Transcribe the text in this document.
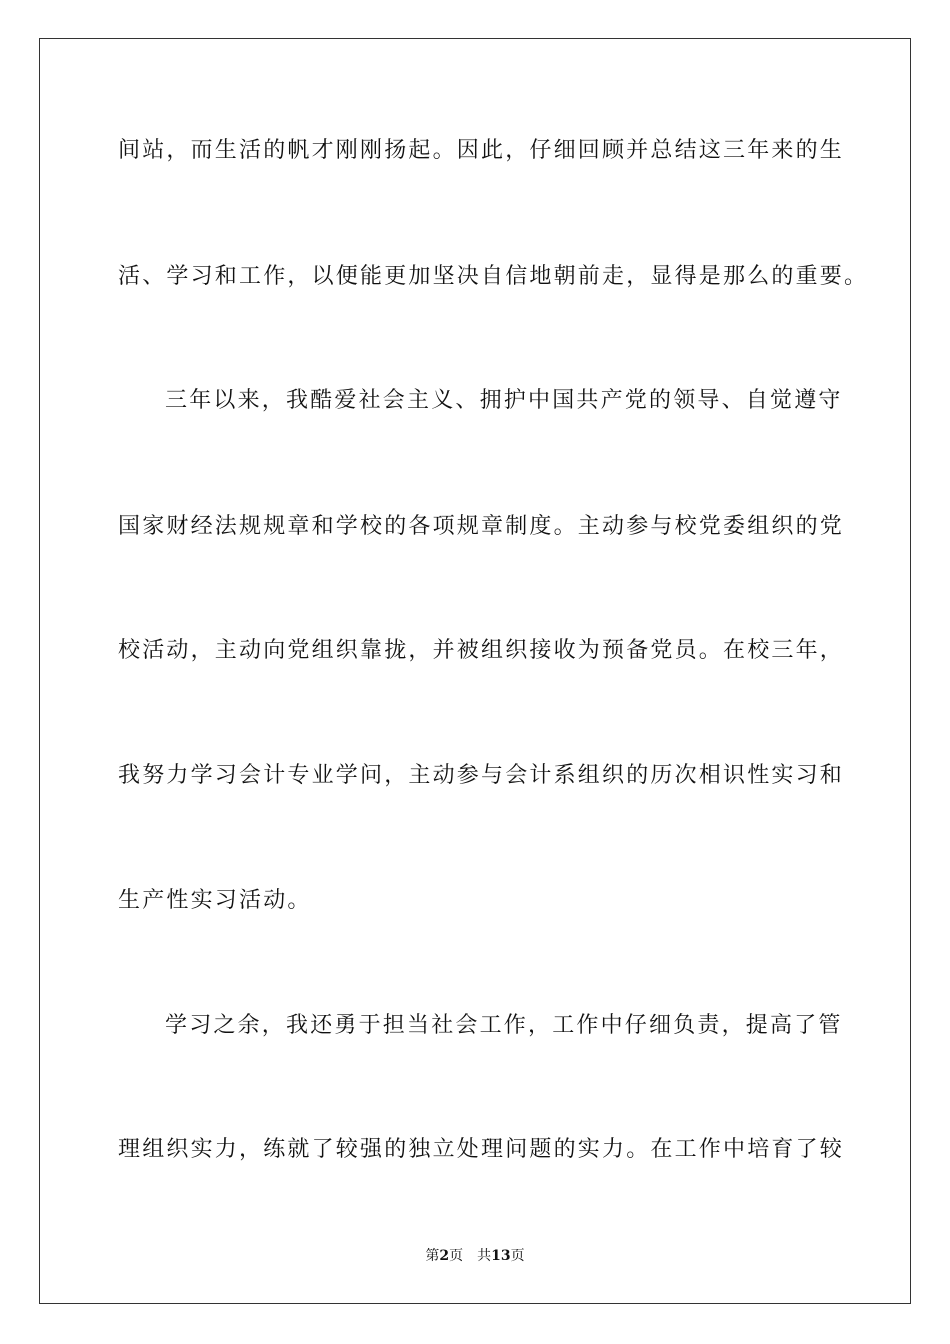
间站，而生活的帆才刚刚扬起。因此，仔细回顾并总结这三年来的生
活、学习和工作，以便能更加坚决自信地朝前走，显得是那么的重要。
三年以来，我酷爱社会主义、拥护中国共产党的领导、自觉遵守
国家财经法规规章和学校的各项规章制度。主动参与校党委组织的党
校活动，主动向党组织靠拢，并被组织接收为预备党员。在校三年，
我努力学习会计专业学问，主动参与会计系组织的历次相识性实习和
生产性实习活动。
学习之余，我还勇于担当社会工作，工作中仔细负责，提高了管
理组织实力，练就了较强的独立处理问题的实力。在工作中培育了较
第2页 共13页
